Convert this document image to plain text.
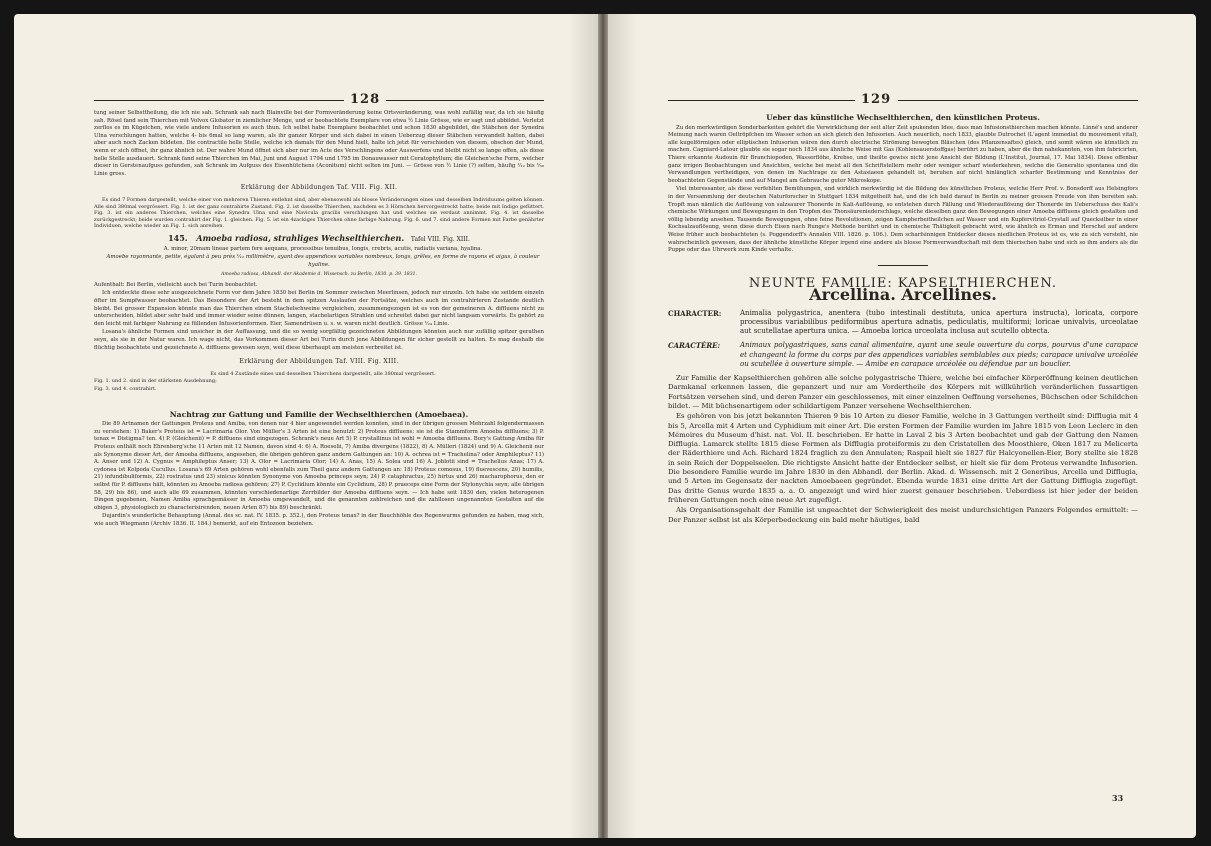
128

tung seiner Selbsttheilung, die ich nie sah. Schrank sah nach Blainville bei der Formveränderung keine Ortsveränderung, was wohl zufällig war, da ich sie häufig sah. Rösel fand sein Thierchen mit Volvox Globator in ziemlicher Menge, und er beobachtete Exemplare von etwa ½ Linie Grösse, wie er sagt und abbildet. Verletzt zerflos es im Kügelchen, wie viele andere Infusorien es auch thun. Ich selbst habe Exemplare beobachtet und schon 1830 abgebildet, die Stäbchen der Synedra Ulna verschlungen hatten, welche 4- bis 6mal so lang waren, als ihr ganzer Körper und sich dabei in einen Ueberzug dieser Stäbchen verwandelt hatten, dabei aber auch noch Zacken bildeten. Die contractile helle Stelle, welche ich damals für den Mund hielt, halte ich jetzt für verschieden von diesem, obschon der Mund, wenn er sich öffnet, ihr ganz ähnlich ist. Der wahre Mund öffnet sich aber nur im Acte des Verschlingens oder Auswerfens und bleibt nicht so lange offen, als diese helle Stelle ausdauert. Schrank fand seine Thierchen im Mai, Juni und August 1794 und 1795 im Donauwasser mit Ceratophyllum; die Gleichen'sche Form, welcher dieser in Gerstenaufguss gefunden, sah Schrank im Aufguss des Eisenhütchens (Aconitum) nicht selten im Juni. — Grösse von ½ Linie (?) selten, häufig ¹⁄₁₂ bis ¹⁄₃₀ Linie gross.

Erklärung der Abbildungen Taf. VIII. Fig. XII.

Es sind 7 Formen dargestellt, welche einer von mehreren Thieren entlehnt sind, aber ebensowohl als blosse Veränderungen eines und desselben Individuums gelten können. Alle sind 380mal vergrössert. Fig. 1. ist der ganz contrahirte Zustand. Fig. 2. ist dasselbe Thierchen, nachdem es 3 Hörnchen hervorgestreckt hatte; beide mit Indigo gefüttert. Fig. 3. ist ein anderes Thierchen, welches eine Synedra Ulna und eine Navicula gracilis verschlungen hat und welches sie verdaut annimmt. Fig. 4. ist dasselbe zurückgestreckt; beide wurden contrahirt der Fig. 1. gleichen. Fig. 5. ist ein 4zackiges Thierchen ohne farbige Nahrung. Fig. 6. und 7. sind andere Formen mit Farbe genährter Individuen, welche wieder an Fig. 1. sich anreihen.

145. Amoeba radiosa, strahliges Wechselthierchen. Tafel VIII. Fig. XIII.

A. minor, 20mam lineae partem fere aequans, processibus tenuibus, longis, crebris, acutis, radiatis variana, hyalina.

Amoebe rayonnante, petite, égalant à peu près ¹⁄₁₂ millimètre, ayant des appendices variables nombreux, longs, grêles, en forme de rayons et aigus, à couleur hyaline.

Amoeba radiosa, Abhandl. der Akademie d. Wissensch. zu Berlin, 1830. p. 39. 1831.

Aufenthalt: Bei Berlin, vielleicht auch bei Turin beobachtet.

Ich entdeckte diese sehr ausgezeichnete Form vor dem Jahre 1830 bei Berlin im Sommer zwischen Meerlinsen, jedoch nur einzeln. Ich habe sie seitdem einzeln öfter im Sumpfwasser beobachtet. Das Besondere der Art besteht in dem spitzen Auslaufen der Fortsätze, welches auch im contrahirteren Zustande deutlich bleibt. Bei grosser Expansion könnte man das Thierchen einem Stachelschweine vergleichen, zusammengezogen ist es von der gemeineren A. diffluens nicht zu unterscheiden, bildet aber sehr bald und immer wieder seine dünnen, langen, stachelartigen Strahlen und schreitet dabei gar nicht langsam vorwärts. Es gehört zu den leicht mit farbiger Nahrung zu füllenden Infusorienformen. Eier, Samendrüsen u. s. w. waren nicht deutlich. Grösse ¹⁄₂₄ Linie.

Losana's ähnliche Formen sind unsicher in der Auffassung, und die so wenig sorgfältig gezeichneten Abbildungen könnten auch nur zufällig spitzer gerathen seyn, als sie in der Natur waren. Ich wage nicht, das Vorkommen dieser Art bei Turin durch jene Abbildungen für sicher gestellt zu halten. Es mag deshalb die flüchtig beobachtete und gezeichnete A. diffluens gewesen seyn, weil diese überhaupt am meisten verbreitet ist.

Erklärung der Abbildungen Taf. VIII. Fig. XIII.

Es sind 4 Zustände eines und desselben Thierchens dargestellt, alle 380mal vergrössert.

Fig. 1. und 2. sind in der stärksten Ausdehnung;

Fig. 3. und 4. contrahirt.

Nachtrag zur Gattung und Familie der Wechselthierchen (Amoebaea).

Die 89 Artnamen der Gattungen Proteus und Amiba, von denen nur 4 hier angewendet werden konnten, sind in der übrigen grossen Mehrzahl folgendermassen zu verstehen: 1) Baker's Proteus ist = Lacrimaria Olor. Von Müller's 3 Arten ist eine benutzt: 2) Proteus diffluens; sie ist die Stammform Amoeba diffluens; 3) P. tenax = Distigma? ten. 4) P. (Gleichenii) = P. diffluens sind eingezogen. Schrank's neue Art 5) P. crystallinus ist wohl = Amoeba diffluens. Bory's Gattung Amiba für Proteus enthält noch Ehrenberg'sche 11 Arten mit 12 Namen, davon sind 4: 6) A. Roeselii, 7) Amiba divergens (1822), 8) A. Mülleri (1824) und 9) A. Gleichenii nur als Synonyme dieser Art, der Amoeba diffluens, angesehen, die übrigen gehören ganz andern Gattungen an: 10) A. ochrea ist = Trachelina? oder Amphileptus? 11) A. Anser und 12) A. Cygnus = Amphileptus Anser; 13) A. Olor = Lacrimaria Olor; 14) A. Anas, 15) A. Solea und 16) A. Joblotii sind = Trachelius Anas; 17) A. cydonea ist Kolpoda Cucullus. Losana's 69 Arten gehören wohl ebenfalls zum Theil ganz andern Gattungen an: 18) Proteus comosus, 19) fluevescens, 20) humilis, 21) infundibuliformis, 22) rostratus und 23) sinicus könnten Synonyme von Amoeba princeps seyn; 24) P. cataphractus, 25) hirtus und 26) macharophorus, den er selbst für P. diffluens hält, könnten zu Amoeba radiosa gehören; 27) P. Cyclidium könnte ein Cyclidium, 28) P. praeceps eine Form der Stylonychia seyn; alle übrigen 58, 29) bis 86), und auch alle 69 zusammen, könnten verschiedenartige Zerrbilder der Amoeba diffluens seyn. — Ich habe seit 1830 den, vielen heterogenen Dingen gegebenen, Namen Amiba sprachgemässer in Amoeba umgewandelt, und die genannten zahlreichen und die zahllosen ungenannten Gestalten auf die obigen 3, physiologisch zu characterisirenden, neuen Arten 87) bis 89) beschränkt.

Dujardin's wunderliche Behauptung (Annal. des sc. nat. IV. 1835. p. 352.), den Proteus tenax? in der Bauchhöhle des Regenwurms gefunden zu haben, mag sich, wie auch Wiegmann (Archiv 1836. II. 184.) bemerkt, auf ein Entozoon beziehen.

129
Ueber das künstliche Wechselthierchen, den künstlichen Proteus.

Zu den merkwürdigen Sonderbarkeiten gehört die Verwirklichung der seit alter Zeit spukenden Idee, dass man Infusionsthierchen machen könnte. Linné's und anderer Meinung nach waren Oeltröpfchen im Wasser schon an sich gleich den Infusorien. Auch neuerlich, noch 1833, glaubte Dutrochet (L'agent immediat du mouvement vital), alle kugelförmigen oder elliptischen Infusorien wären den durch electrische Strömung bewegten Bläschen (des Pflanzensaftes) gleich, und somit wären sie künstlich zu machen. Cagniard-Latour glaubte sie sogar noch 1834 aus ähnliche Weise mit Gas (Kohlensauerstoffgas) berührt zu haben, aber die ihm nahekannten, von ihm fabricirten, Thiere erkannte Audouin für Branchiopoden, Wasserflöhe, Krebse, und theilte gewiss nicht jene Ansicht der Bildung (L'Institut, Journal, 17. Mai 1834). Diese offenbar ganz irrigen Beobachtungen und Ansichten, welche bei meist all den Schriftstellern mehr oder weniger scharf wiederkehren, welche die Generatio spontanea und die Verwandlungen vertheidigen, von denen im Nachtrage zu den Astasiaeen gehandelt ist, beruhen auf nicht hinlänglich scharfer Bestimmung und Kenntniss der beobachteten Gegenstände und auf Mangel am Gebrauche guter Mikroskope.

Viel interessanter, als diese verfehlten Bemühungen, und wirklich merkwürdig ist die Bildung des künstlichen Proteus, welche Herr Prof. v. Bonsdorff aus Helsingfors in der Versammlung der deutschen Naturforscher in Stuttgart 1834 mitgetheilt hat, und die ich bald darauf in Berlin zu meiner grossen Freude von ihm bereiten sah. Tropft man nämlich die Auflösung von salzsaurer Thonerde in Kali-Auflösung, so entstehen durch Fällung und Wiederauflösung der Thonerde im Ueberschuss des Kali's chemische Wirkungen und Bewegungen in den Tropfen des Thonsäureniederschlags, welche dieselben ganz den Bewegungen einer Amoeba diffluens gleich gestalten und völlig lebendig ansehen. Tausende Bewegungen, ohne feine Revolutionen, zeigen Kampherbeitheilchen auf Wasser und ein Kupfervitriol-Crystall auf Quecksilber in einer Kochsalzauflösung, wenn diese durch Eisen nach Runge's Methode berührt und in chemische Thätigkeit gebracht wird, wie ähnlich es Erman und Herschel auf andere Weise früher auch beobachteten (s. Poggendorff's Annalen VIII. 1826. p. 106.). Dem scharfsinnigen Entdecker dieses niedlichen Proteus ist es, wie zu sich versteht, nie wahrscheinlich gewesen, dass der ähnliche künstliche Körper irgend eine andere als blosse Formverwandtschaft mit dem thierischen habe und sich so ihm anders als die Puppe oder das Uhrwerk zum Kinde verhalte.

NEUNTE FAMILIE: KAPSELTHIERCHEN.
Arcellina. Arcellines.
CHARACTER:	Animalia polygastrica, anentera (tubo intestinali destituta, unica apertura instructa), loricata, corpore processibus variabilibus pediformibus apertura adnatis, pediculatis, multiformi; loricae univalvis, urceolatae aut scutellatae apertura unica. — Amoeba lorica urceolata inclusa aut scutello obtecta.
CARACTÈRE:	Animaux polygastriques, sans canal alimentaire, ayant une seule ouverture du corps, pourvus d'une carapace et changeant la forme du corps par des appendices variables semblables aux pieds; carapace univalve urcéolée ou scutellée à ouverture simple. — Amibe en carapace urcéolée ou défendue par un bouclier.

Zur Familie der Kapselthierchen gehören alle solche polygastrische Thiere, welche bei einfacher Körperöffnung keinen deutlichen Darmkanal erkennen lassen, die gepanzert und nur am Vordertheile des Körpers mit willkührlich veränderlichen fussartigen Fortsätzen versehen sind, und deren Panzer ein geschlossenes, mit einer einzelnen Oeffnung versehenes, Büchschen oder Schildchen bildet. — Mit büchsenartigem oder schildartigem Panzer versehene Wechselthierchen.

Es gehören von bis jetzt bekannten Thieren 9 bis 10 Arten zu dieser Familie, welche in 3 Gattungen vertheilt sind: Difflugia mit 4 bis 5, Arcella mit 4 Arten und Cyphidium mit einer Art. Die ersten Formen der Familie wurden im Jahre 1815 von Leon Leclerc in den Mémoires du Museum d'hist. nat. Vol. II. beschrieben. Er hatte in Laval 2 bis 3 Arten beobachtet und gab der Gattung den Namen Difflugia. Lamarck stellte 1815 diese Formen als Difflugia proteiformis zu den Cristatellen des Moosthiere, Oken 1817 zu Melicerta der Räderthiere und Ach. Richard 1824 fraglich zu den Annulaten; Raspail hielt sie 1827 für Halcyonellen-Eier, Bory stellte sie 1828 in sein Reich der Doppelseelen. Die richtigste Ansicht hatte der Entdecker selbst, er hielt sie für dem Proteus verwandte Infusorien. Die besondere Familie wurde im Jahre 1830 in den Abhandl. der Berlin. Akad. d. Wissensch. mit 2 Generibus, Arcella und Difflugia, und 5 Arten im Gegensatz der nackten Amoebaeen gegründet. Ebenda wurde 1831 eine dritte Art der Gattung Difflugia zugefügt. Das dritte Genus wurde 1835 a. a. O. angezeigt und wird hier zuerst genauer beschrieben. Ueberdiess ist hier jeder der beiden früheren Gattungen noch eine neue Art zugefügt.

Als Organisationsgehalt der Familie ist ungeachtet der Schwierigkeit des meist undurchsichtigen Panzers Folgendes ermittelt: — Der Panzer selbst ist als Körperbedeckung ein bald mehr häutiges, bald

33
